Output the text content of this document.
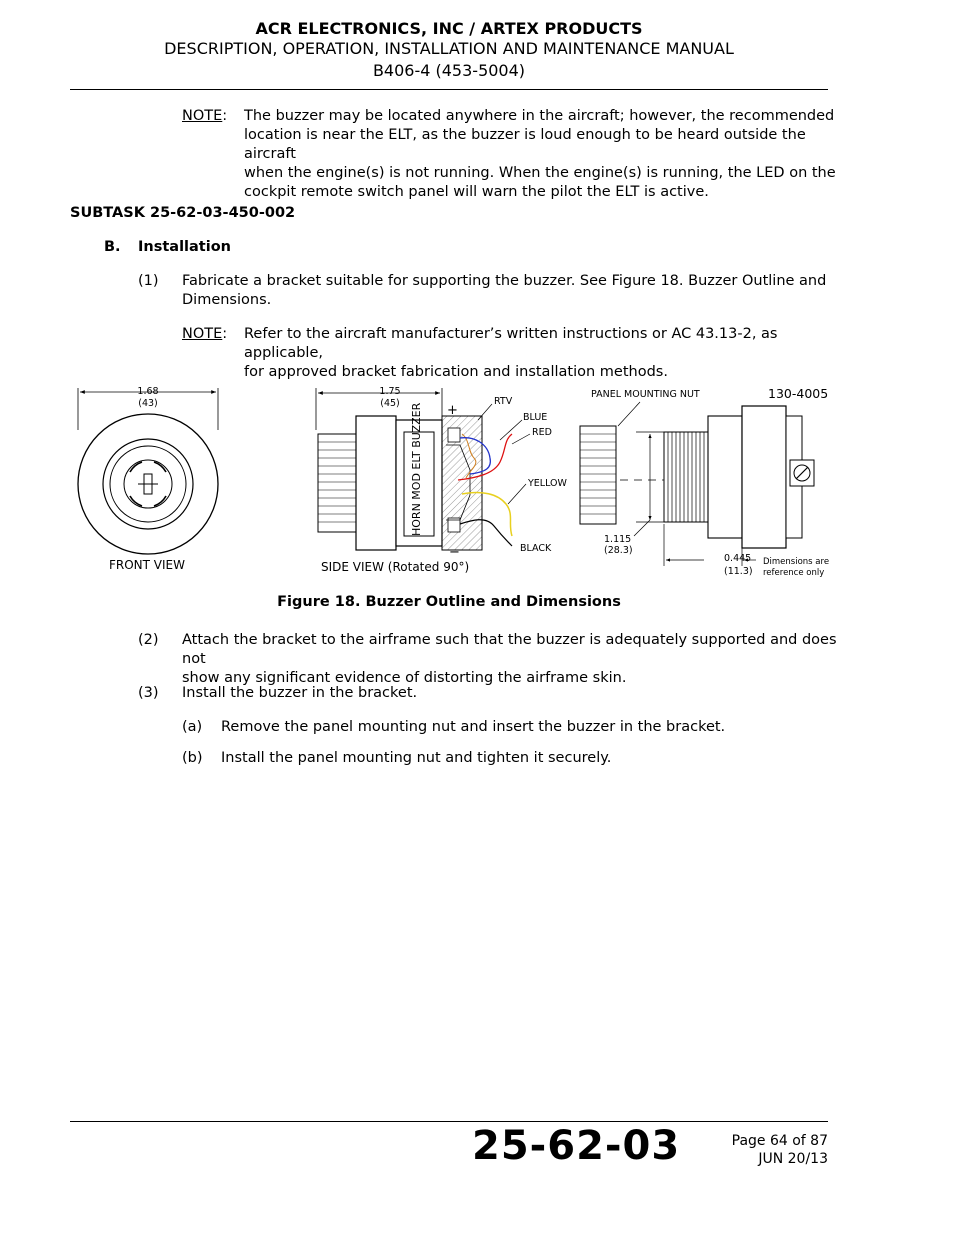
ACR ELECTRONICS, INC / ARTEX PRODUCTS
DESCRIPTION, OPERATION, INSTALLATION AND MAINTENANCE MANUAL
B406-4 (453-5004)
NOTE: The buzzer may be located anywhere in the aircraft; however, the recommended
location is near the ELT, as the buzzer is loud enough to be heard outside the aircraft
when the engine(s) is not running. When the engine(s) is running, the LED on the
cockpit remote switch panel will warn the pilot the ELT is active.
SUBTASK 25-62-03-450-002
B. Installation
(1) Fabricate a bracket suitable for supporting the buzzer. See Figure 18. Buzzer Outline and
Dimensions.
NOTE: Refer to the aircraft manufacturer’s written instructions or AC 43.13-2, as applicable,
for approved bracket fabrication and installation methods.
HORN MOD ELT BUZZER +
−
RTV
BLUE
RED
YELLOW
BLACK
PANEL MOUNTING NUT	130-4005
1.115
(28.3)
0.445
(11.3)
Dimensions are
reference only
1.68
(43)
1.75
(45)
FRONT VIEW	SIDE VIEW (Rotated 90°)
Figure 18. Buzzer Outline and Dimensions
(2) Attach the bracket to the airframe such that the buzzer is adequately supported and does not
show any significant evidence of distorting the airframe skin.
(3) Install the buzzer in the bracket.
(a) Remove the panel mounting nut and insert the buzzer in the bracket.
(b) Install the panel mounting nut and tighten it securely.
25-62-03	Page 64 of 87
JUN 20/13
